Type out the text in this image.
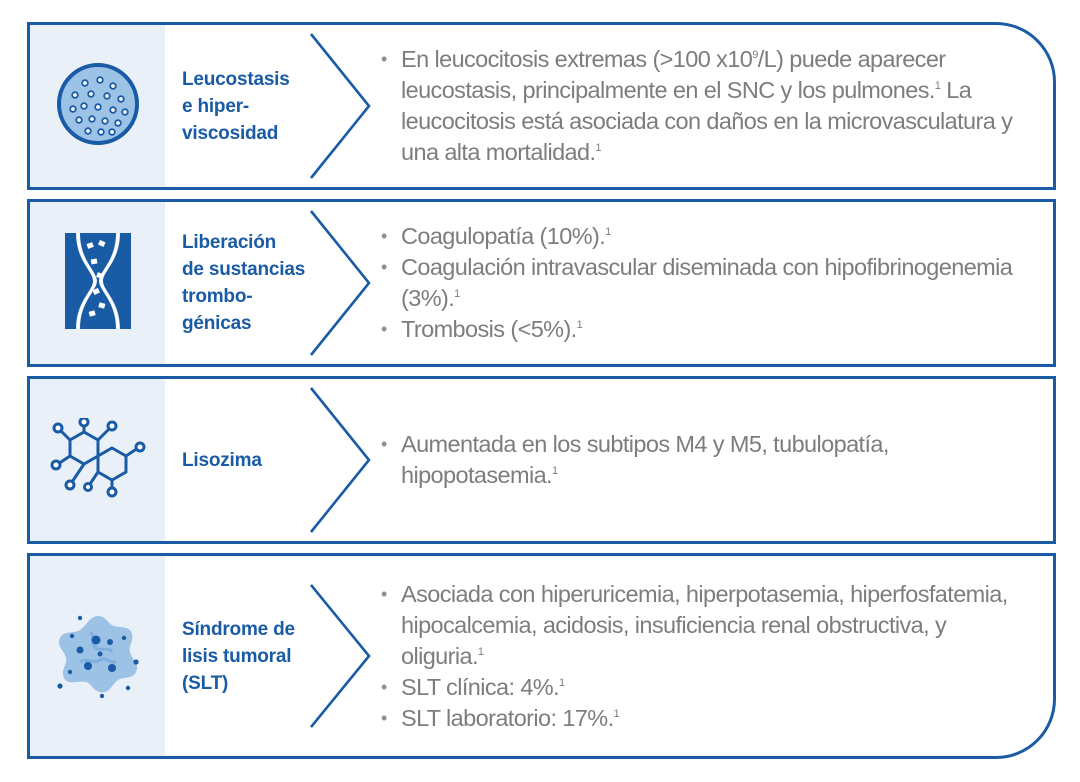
Leucostasis
e hiper-
viscosidad
• En leucocitosis extremas (>100 $x10^9/L$) puede aparecer leucostasis, principalmente en el SNC y los pulmones.$^1$ La leucocitosis está asociada con daños en la microvasculatura y una alta mortalidad.$^1$
Liberación
de sustancias
trombo-
génicas
• Coagulopatía (10%).$^1$
• Coagulación intravascular diseminada con hipofibrinogenemia (3%).$^1$
• Trombosis (<5%).$^1$
Lisozima
• Aumentada en los subtipos M4 y M5, tubulopatía, hipopotasemia.$^1$
Síndrome de
lisis tumoral
(SLT)
• Asociada con hiperuricemia, hiperpotasemia, hiperfosfatemia, hipocalcemia, acidosis, insuficiencia renal obstructiva, y oliguria.$^1$
• SLT clínica: 4%.$^1$
• SLT laboratorio: 17%.$^1$
